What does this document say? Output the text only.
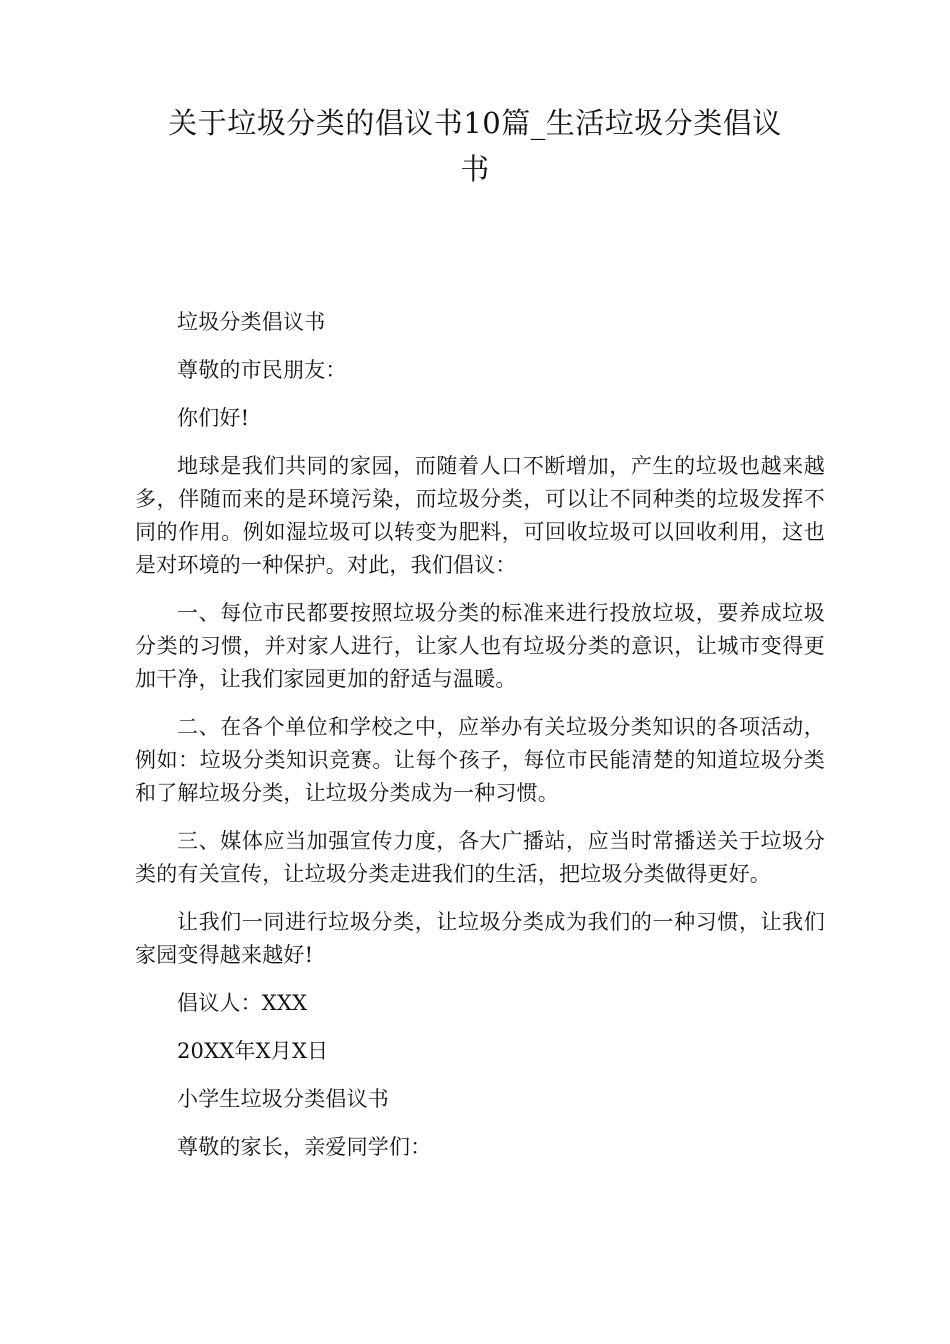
关于垃圾分类的倡议书10篇_生活垃圾分类倡议
书

垃圾分类倡议书

尊敬的市民朋友：

你们好!

地球是我们共同的家园，而随着人口不断增加，产生的垃圾也越来越多，伴随而来的是环境污染，而垃圾分类，可以让不同种类的垃圾发挥不同的作用。例如湿垃圾可以转变为肥料，可回收垃圾可以回收利用，这也是对环境的一种保护。对此，我们倡议：

一、每位市民都要按照垃圾分类的标准来进行投放垃圾，要养成垃圾分类的习惯，并对家人进行，让家人也有垃圾分类的意识，让城市变得更加干净，让我们家园更加的舒适与温暖。

二、在各个单位和学校之中，应举办有关垃圾分类知识的各项活动，例如：垃圾分类知识竞赛。让每个孩子，每位市民能清楚的知道垃圾分类和了解垃圾分类，让垃圾分类成为一种习惯。

三、媒体应当加强宣传力度，各大广播站，应当时常播送关于垃圾分类的有关宣传，让垃圾分类走进我们的生活，把垃圾分类做得更好。

让我们一同进行垃圾分类，让垃圾分类成为我们的一种习惯，让我们家园变得越来越好!

倡议人：XXX

20XX年X月X日

小学生垃圾分类倡议书

尊敬的家长，亲爱同学们：
